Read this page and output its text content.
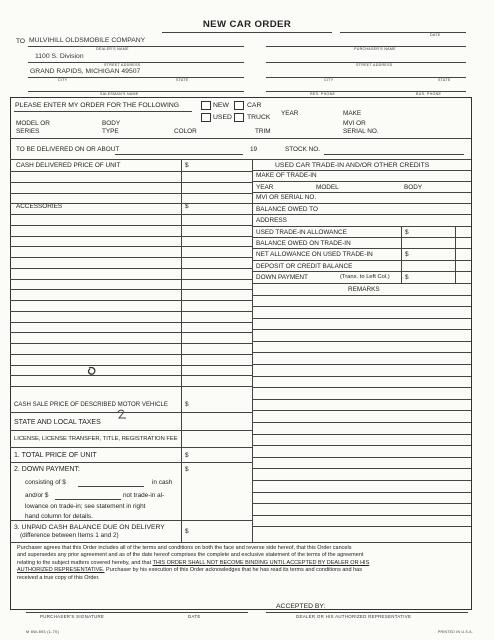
NEW CAR ORDER
DATE
TO MULVIHILL OLDSMOBILE COMPANY
DEALER'S NAME	PURCHASER'S NAME
1100 S. Division
STREET ADDRESS	STREET ADDRESS
GRAND RAPIDS, MICHIGAN 49507
CITY	STATE	CITY	STATE
SALESMAN'S NAME	RES. PHONE	BUS. PHONE
PLEASE ENTER MY ORDER FOR THE FOLLOWING	NEW	CAR
USED TRUCK
YEAR	MAKE
MODEL OR
SERIES
BODY
TYPE	COLOR	TRIM
MVI OR
SERIAL NO.
TO BE DELIVERED ON OR ABOUT	19	STOCK NO.
CASH DELIVERED PRICE OF UNIT	$
ACCESSORIES	$
CASH SALE PRICE OF DESCRIBED MOTOR VEHICLE	$
STATE AND LOCAL TAXES
LICENSE, LICENSE TRANSFER, TITLE, REGISTRATION FEE
1. TOTAL PRICE OF UNIT	$
2. DOWN PAYMENT:	$
consisting of $	in cash
and/or $	not trade-in al-
lowance on trade-in; see statement in right
hand column for details.
3. UNPAID CASH BALANCE DUE ON DELIVERY
(difference between Items 1 and 2)
$
USED CAR TRADE-IN AND/OR OTHER CREDITS
MAKE OF TRADE-IN
YEAR	MODEL	BODY
MVI OR SERIAL NO.
BALANCE OWED TO
ADDRESS
USED TRADE-IN ALLOWANCE	$
BALANCE OWED ON TRADE-IN
NET ALLOWANCE ON USED TRADE-IN	$
DEPOSIT OR CREDIT BALANCE
DOWN PAYMENT	(Trans. to Left Col.) $
REMARKS
Purchaser agrees that this Order includes all of the terms and conditions on both the face and reverse side hereof, that this Order cancels
and supersedes any prior agreement and as of the date hereof comprises the complete and exclusive statement of the terms of the agreement
relating to the subject matters covered hereby, and that THIS ORDER SHALL NOT BECOME BINDING UNTIL ACCEPTED BY DEALER OR HIS
AUTHORIZED REPRESENTATIVE. Purchaser by his execution of this Order acknowledges that he has read its terms and conditions and has
received a true copy of this Order.
ACCEPTED BY:
PURCHASER'S SIGNATURE	DATE	DEALER OR HIS AUTHORIZED REPRESENTATIVE
M 6W-893 (1-70)	PRINTED IN U.S.A.
